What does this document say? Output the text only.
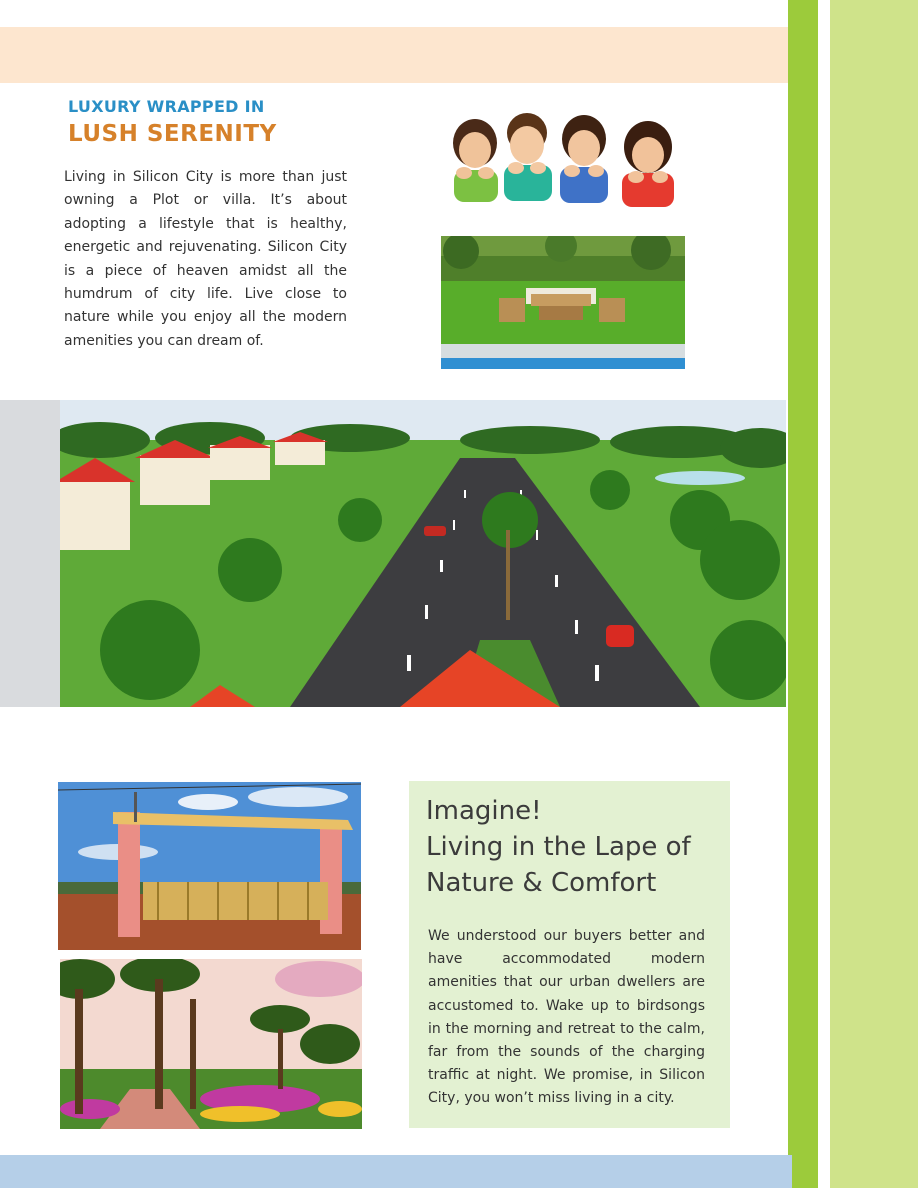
LUXURY WRAPPED IN
LUSH SERENITY
Living in Silicon City is more than just owning a Plot or villa. It’s about adopting a lifestyle that is healthy, energetic and rejuvenating. Silicon City is a piece of heaven amidst all the humdrum of city life. Live close to nature while you enjoy all the modern amenities you can dream of.
Imagine!
Living in the Lape of
Nature & Comfort
We understood our buyers better and have accommodated modern amenities that our urban dwellers are accustomed to. Wake up to birdsongs in the morning and retreat to the calm, far from the sounds of the charging traffic at night. We promise, in Silicon City, you won’t miss living in a city.
